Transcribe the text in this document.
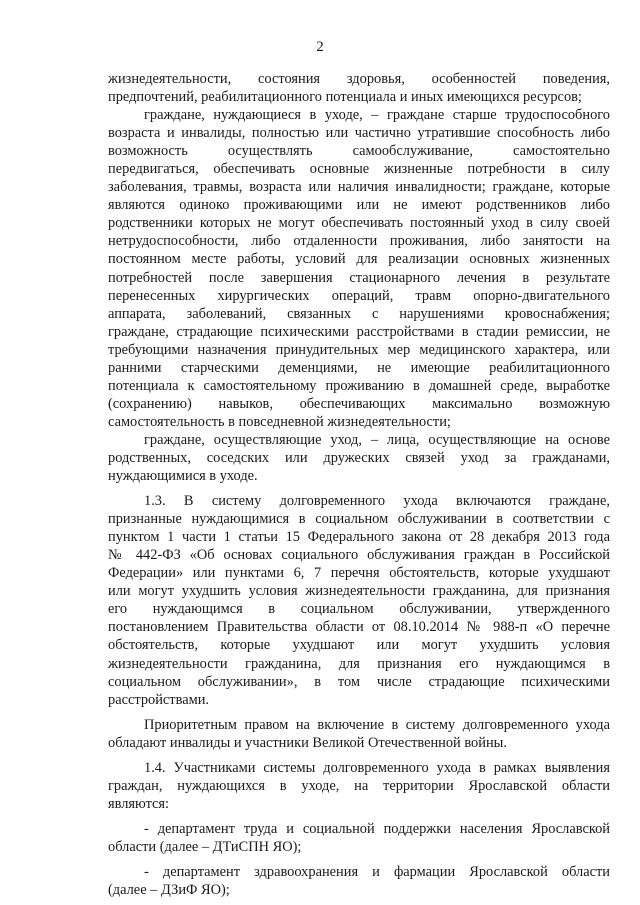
2
жизнедеятельности, состояния здоровья, особенностей поведения,
предпочтений, реабилитационного потенциала и иных имеющихся ресурсов;
граждане, нуждающиеся в уходе, – граждане старше трудоспособного
возраста и инвалиды, полностью или частично утратившие способность либо
возможность осуществлять самообслуживание, самостоятельно
передвигаться, обеспечивать основные жизненные потребности в силу
заболевания, травмы, возраста или наличия инвалидности; граждане, которые
являются одиноко проживающими или не имеют родственников либо
родственники которых не могут обеспечивать постоянный уход в силу своей
нетрудоспособности, либо отдаленности проживания, либо занятости на
постоянном месте работы, условий для реализации основных жизненных
потребностей после завершения стационарного лечения в результате
перенесенных хирургических операций, травм опорно-двигательного
аппарата, заболеваний, связанных с нарушениями кровоснабжения;
граждане, страдающие психическими расстройствами в стадии ремиссии, не
требующими назначения принудительных мер медицинского характера, или
ранними старческими деменциями, не имеющие реабилитационного
потенциала к самостоятельному проживанию в домашней среде, выработке
(сохранению) навыков, обеспечивающих максимально возможную
самостоятельность в повседневной жизнедеятельности;
граждане, осуществляющие уход, – лица, осуществляющие на основе
родственных, соседских или дружеских связей уход за гражданами,
нуждающимися в уходе.
1.3. В систему долговременного ухода включаются граждане,
признанные нуждающимися в социальном обслуживании в соответствии с
пунктом 1 части 1 статьи 15 Федерального закона от 28 декабря 2013 года
№ 442-ФЗ «Об основах социального обслуживания граждан в Российской
Федерации» или пунктами 6, 7 перечня обстоятельств, которые ухудшают
или могут ухудшить условия жизнедеятельности гражданина, для признания
его нуждающимся в социальном обслуживании, утвержденного
постановлением Правительства области от 08.10.2014 № 988-п «О перечне
обстоятельств, которые ухудшают или могут ухудшить условия
жизнедеятельности гражданина, для признания его нуждающимся в
социальном обслуживании», в том числе страдающие психическими
расстройствами.
Приоритетным правом на включение в систему долговременного ухода
обладают инвалиды и участники Великой Отечественной войны.
1.4. Участниками системы долговременного ухода в рамках выявления
граждан, нуждающихся в уходе, на территории Ярославской области
являются:
- департамент труда и социальной поддержки населения Ярославской
области (далее – ДТиСПН ЯО);
- департамент здравоохранения и фармации Ярославской области
(далее – ДЗиФ ЯО);
